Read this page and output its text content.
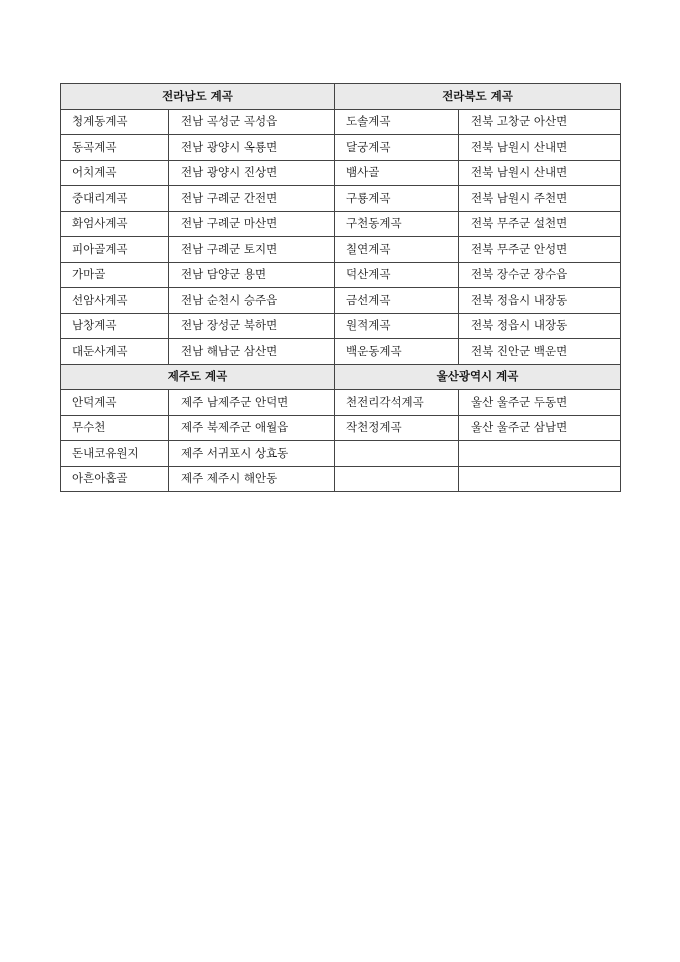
전라남도 계곡		전라북도 계곡	
청계동계곡	전남 곡성군 곡성읍	도솔계곡	전북 고창군 아산면
동곡계곡	전남 광양시 옥룡면	달궁계곡	전북 남원시 산내면
어치계곡	전남 광양시 진상면	뱀사골	전북 남원시 산내면
중대리계곡	전남 구례군 간전면	구룡계곡	전북 남원시 주천면
화엄사계곡	전남 구례군 마산면	구천동계곡	전북 무주군 설천면
피아골계곡	전남 구례군 토지면	칠연계곡	전북 무주군 안성면
가마골	전남 담양군 용면	덕산계곡	전북 장수군 장수읍
선암사계곡	전남 순천시 승주읍	금선계곡	전북 정읍시 내장동
남창계곡	전남 장성군 북하면	원적계곡	전북 정읍시 내장동
대둔사계곡	전남 해남군 삼산면	백운동계곡	전북 진안군 백운면
제주도 계곡		울산광역시 계곡	
안덕계곡	제주 남제주군 안덕면	천전리각석계곡	울산 울주군 두동면
무수천	제주 북제주군 애월읍	작천정계곡	울산 울주군 삼남면
돈내코유원지	제주 서귀포시 상효동		
아흔아홉골	제주 제주시 해안동		
